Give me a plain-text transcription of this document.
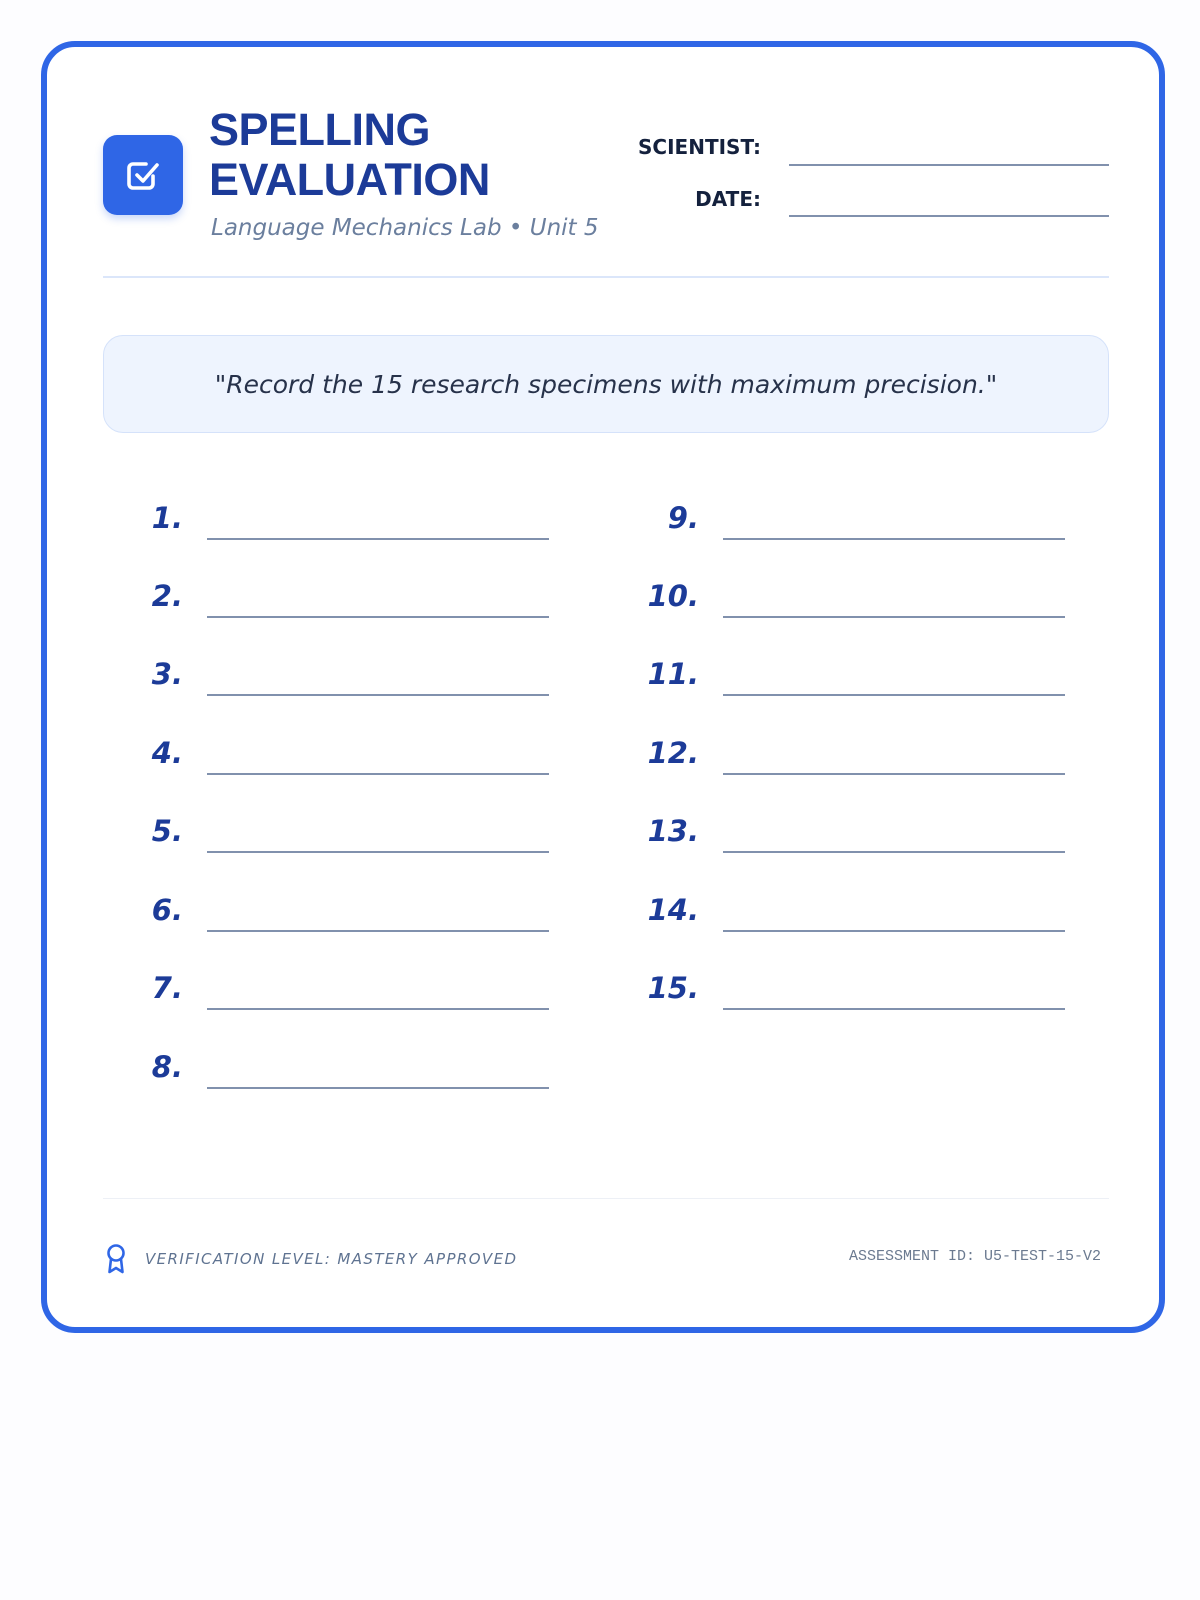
SPELLING
EVALUATION
Language Mechanics Lab • Unit 5
SCIENTIST:
DATE:
"Record the 15 research specimens with maximum precision."
1.
2.
3.
4.
5.
6.
7.
8.
9.
10.
11.
12.
13.
14.
15.
VERIFICATION LEVEL: MASTERY APPROVED	ASSESSMENT ID: U5-TEST-15-V2
